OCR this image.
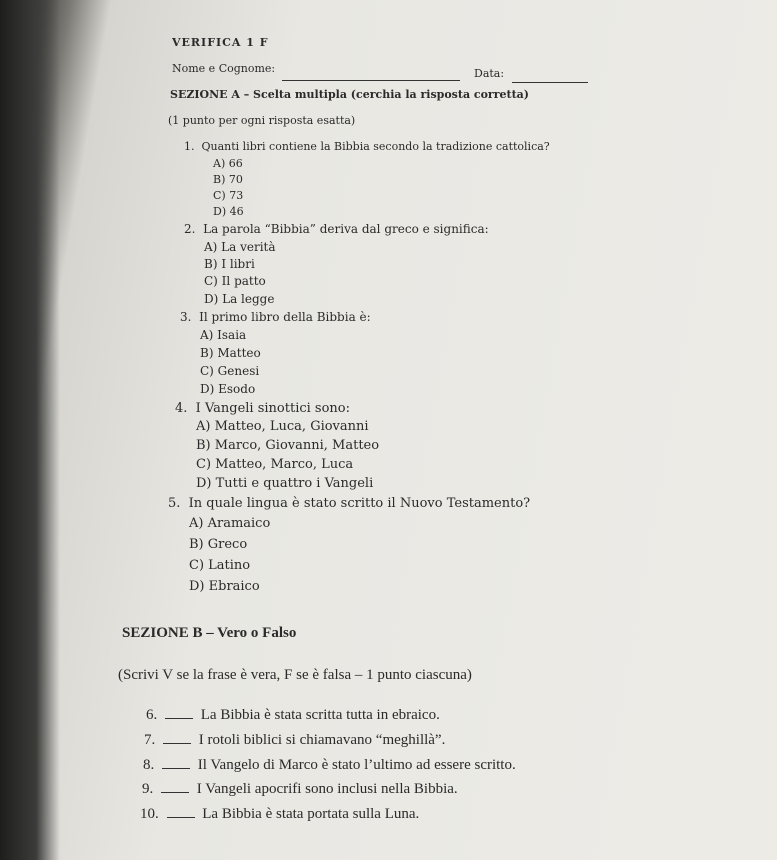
VERIFICA 1 F
Nome e Cognome:	Data:
SEZIONE A – Scelta multipla (cerchia la risposta corretta)
(1 punto per ogni risposta esatta)
1. Quanti libri contiene la Bibbia secondo la tradizione cattolica?
A) 66
B) 70
C) 73
D) 46
2. La parola “Bibbia” deriva dal greco e significa:
A) La verità
B) I libri
C) Il patto
D) La legge
3. Il primo libro della Bibbia è:
A) Isaia
B) Matteo
C) Genesi
D) Esodo
4. I Vangeli sinottici sono:
A) Matteo, Luca, Giovanni
B) Marco, Giovanni, Matteo
C) Matteo, Marco, Luca
D) Tutti e quattro i Vangeli
5. In quale lingua è stato scritto il Nuovo Testamento?
A) Aramaico
B) Greco
C) Latino
D) Ebraico
SEZIONE B – Vero o Falso
(Scrivi V se la frase è vera, F se è falsa – 1 punto ciascuna)
6.	La Bibbia è stata scritta tutta in ebraico.
7.	I rotoli biblici si chiamavano “meghillà”.
8.	Il Vangelo di Marco è stato l’ultimo ad essere scritto.
9.	I Vangeli apocrifi sono inclusi nella Bibbia.
10.	La Bibbia è stata portata sulla Luna.
